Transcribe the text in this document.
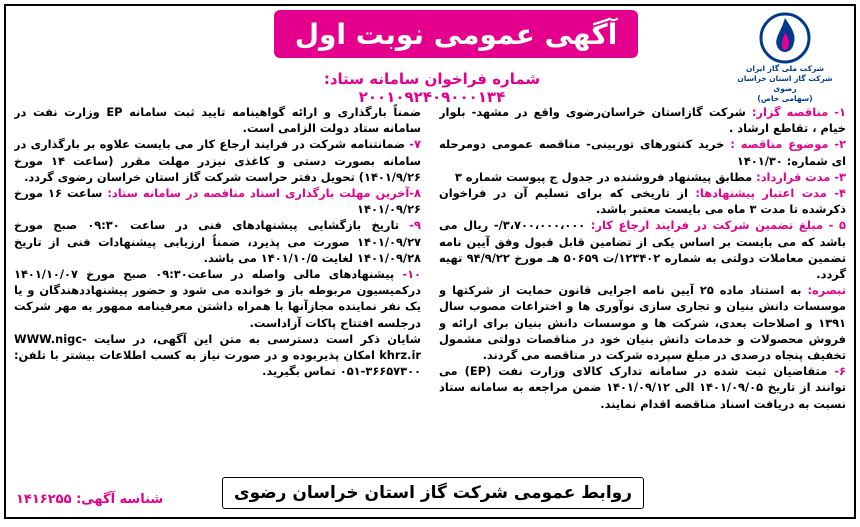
شرکت ملی گاز ایران
شرکت گاز استان خراسان رضوی
(سهامی خاص)
آگهی عمومی نوبت اول
شماره فراخوان سامانه ستاد: ۲۰۰۱۰۹۲۴۰۹۰۰۰۱۳۴

۱- مناقصه گزار: شرکت گازاستان خراسان‌رضوی واقع در مشهد- بلوار خیام ، تقاطع ارشاد .

۲- موضوع مناقصه : خرید کنتورهای توربینی- مناقصه عمومی دومرحله ای شماره: ۱۴۰۱/۳۰

۳- مدت قرارداد: مطابق پیشنهاد فروشنده در جدول ج پیوست شماره ۳

۴- مدت اعتبار پیشنهادها: از تاریخی که برای تسلیم آن در فراخوان ذکرشده تا مدت ۳ ماه می بایست معتبر باشد.

۵ - مبلغ تضمین شرکت در فرایند ارجاع کار: ۳،۷۰۰،۰۰۰،۰۰۰/- ریال می باشد که می بایست بر اساس یکی از تضامین قابل قبول وفق آیین نامه تضمین معاملات دولتی به شماره ۱۲۳۴۰۲/ت ۵۰۶۵۹ هـ مورخ ۹۴/۹/۲۲ تهیه گردد.

تبصره: به استناد ماده ۲۵ آیین نامه اجرایی قانون حمایت از شرکتها و موسسات دانش بنیان و تجاری سازی نوآوری ها و اختراعات مصوب سال ۱۳۹۱ و اصلاحات بعدی، شرکت ها و موسسات دانش بنیان برای ارائه و فروش محصولات و خدمات دانش بنیان خود در مناقصات دولتی مشمول تخفیف پنجاه درصدی در مبلغ سپرده شرکت در مناقصه می گردند.

۶- متقاضیان ثبت شده در سامانه تدارک کالای وزارت نفت (EP) می توانند از تاریخ ۱۴۰۱/۰۹/۰۵ الی ۱۴۰۱/۰۹/۱۲ ضمن مراجعه به سامانه ستاد نسبت به دریافت اسناد مناقصه اقدام نمایند.

ضمناً بارگذاری و ارائه گواهینامه تایید ثبت سامانه EP وزارت نفت در سامانه ستاد دولت الزامی است.

۷- ضمانتنامه شرکت در فرایند ارجاع کار می بایست علاوه بر بارگذاری در سامانه بصورت دستی و کاغذی نیزدر مهلت مقرر (ساعت ۱۴ مورخ ۱۴۰۱/۹/۲۶) تحویل دفتر حراست شرکت گاز استان خراسان رضوی گردد.

۸-آخرین مهلت بارگذاری اسناد مناقصه در سامانه ستاد: ساعت ۱۶ مورخ ۱۴۰۱/۰۹/۲۶

۹- تاریخ بازگشایی پیشنهادهای فنی در ساعت ۰۹:۳۰ صبح مورخ ۱۴۰۱/۰۹/۲۷ صورت می پذیرد، ضمناً ارزیابی پیشنهادات فنی از تاریخ ۱۴۰۱/۰۹/۲۸ لغایت ۱۴۰۱/۱۰/۵ می باشد.

۱۰- پیشنهادهای مالی واصله در ساعت۰۹:۳۰ صبح مورخ ۱۴۰۱/۱۰/۰۷ درکمیسیون مربوطه باز و خوانده می شود و حضور پیشنهاددهندگان و یا یک نفر نماینده مجازآنها با همراه داشتن معرفینامه ممهور به مهر شرکت درجلسه افتتاح پاکات آزاداست.

شایان ذکر است دسترسی به متن این آگهی، در سایت WWW.nigc-khrz.ir امکان پذیربوده و در صورت نیاز به کسب اطلاعات بیشتر با تلفن: ۳۶۶۵۷۳۰۰-۰۵۱ تماس بگیرید.

روابط عمومی شرکت گاز استان خراسان رضوی
شناسه آگهی: ۱۴۱۶۲۵۵
